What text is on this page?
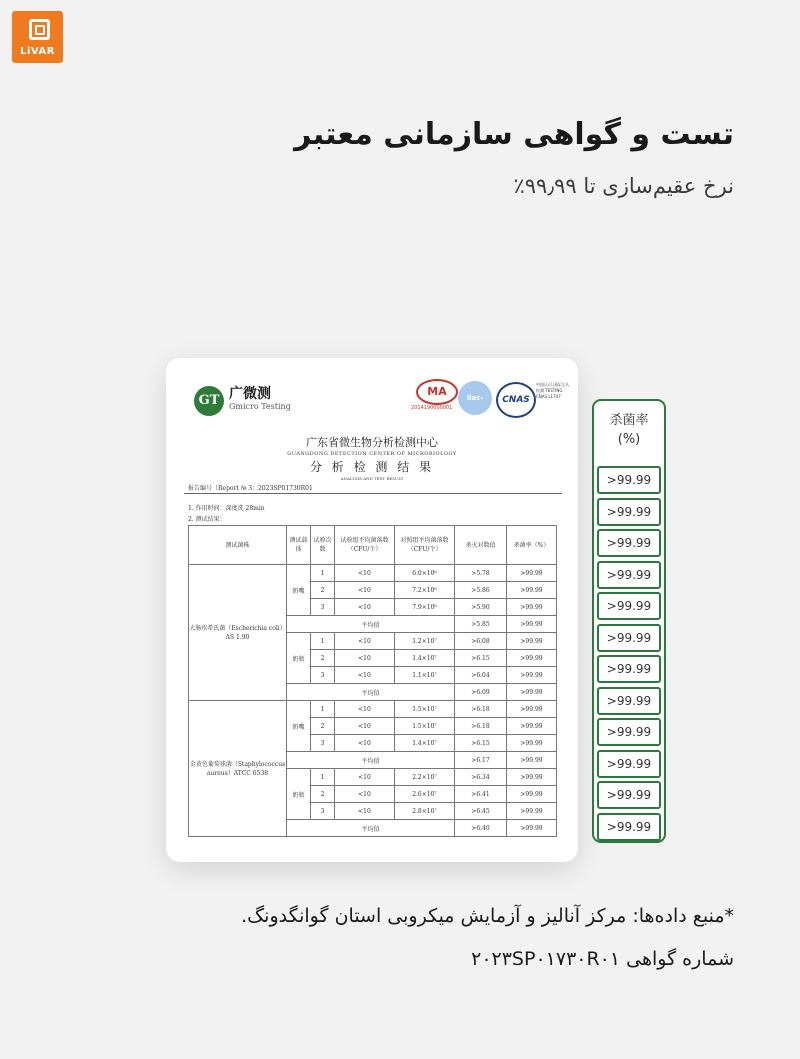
LiVAR
تست و گواهی سازمانی معتبر
نرخ عقیم‌سازی تا ۹۹٫۹۹٪
GT 广微测
Gmicro Testing
MA
2014190000001
ilac-MRA
CNAS
中国认可 国际互认 检测 TESTING CNAS L1747
广东省微生物分析检测中心
GUANGDONG DETECTION CENTER OF MICROBIOLOGY
分 析 检 测 结 果
ANALYSIS AND TEST RESULT
报告编号（Report № 3：2023SP01730R01
1. 作用时间：深度洗 28min
2. 测试结果：
测试菌株	测试载体	试验次数	试验组平均菌落数（CFU/个）	对照组平均菌落数（CFU/个）	杀灭对数值	杀菌率（%）
大肠埃希氏菌（Escherichia coli）AS 1.90	奶嘴	1	<10	6.0×10⁶	>5.78	>99.99
		2	<10	7.2×10⁶	>5.86	>99.99
		3	<10	7.9×10⁶	>5.90	>99.99
	平均值				>5.85	>99.99
	奶瓶	1	<10	1.2×10⁷	>6.08	>99.99
		2	<10	1.4×10⁷	>6.15	>99.99
		3	<10	1.1×10⁷	>6.04	>99.99
	平均值				>6.09	>99.99
金黄色葡萄球菌（Staphylococcus aureus）ATCC 6538	奶嘴	1	<10	1.5×10⁷	>6.18	>99.99
		2	<10	1.5×10⁷	>6.18	>99.99
		3	<10	1.4×10⁷	>6.15	>99.99
	平均值				>6.17	>99.99
	奶瓶	1	<10	2.2×10⁷	>6.34	>99.99
		2	<10	2.6×10⁷	>6.41	>99.99
		3	<10	2.8×10⁷	>6.45	>99.99
	平均值				>6.40	>99.99
杀菌率
(%)
>99.99
>99.99
>99.99
>99.99
>99.99
>99.99
>99.99
>99.99
>99.99
>99.99
>99.99
>99.99
*منبع داده‌ها: مرکز آنالیز و آزمایش میکروبی استان گوانگدونگ.
شماره گواهی ۲۰۲۳SP۰۱۷۳۰R۰۱
